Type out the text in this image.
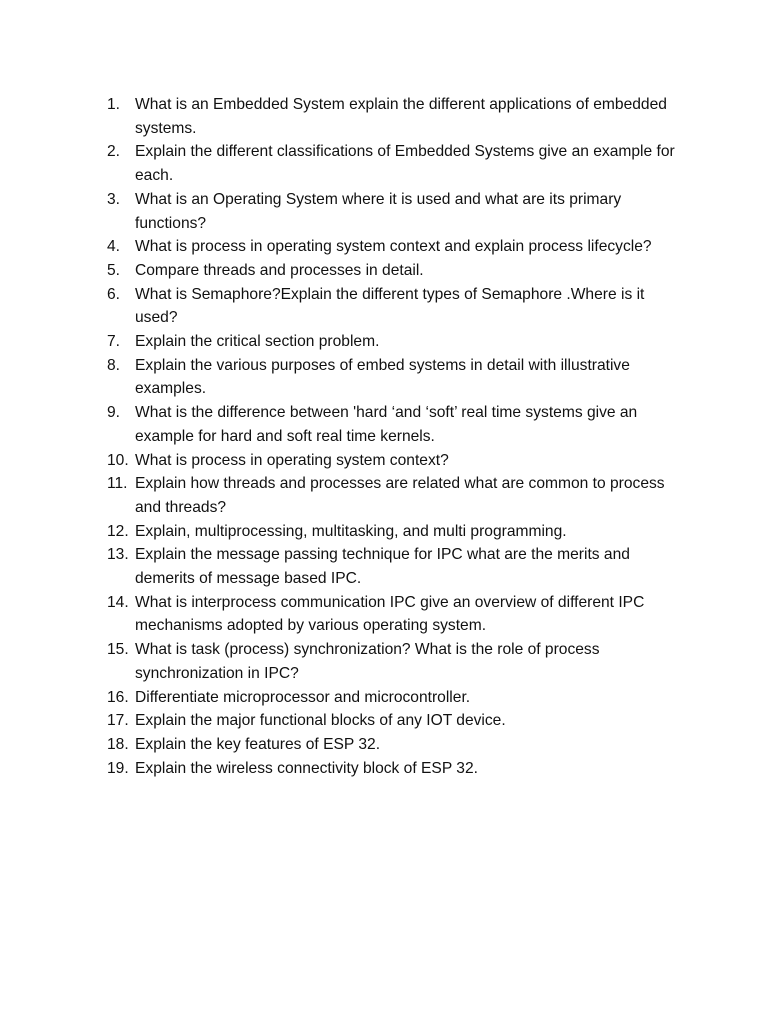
1. What is an Embedded System explain the different applications of embedded systems.
2. Explain the different classifications of Embedded Systems give an example for each.
3. What is an Operating System where it is used and what are its primary functions?
4. What is process in operating system context and explain process lifecycle?
5. Compare threads and processes in detail.
6. What is Semaphore?Explain the different types of Semaphore .Where is it used?
7. Explain the critical section problem.
8. Explain the various purposes of embed systems in detail with illustrative examples.
9. What is the difference between 'hard ‘and ‘soft’ real time systems give an example for hard and soft real time kernels.
10. What is process in operating system context?
11. Explain how threads and processes are related what are common to process and threads?
12. Explain, multiprocessing, multitasking, and multi programming.
13. Explain the message passing technique for IPC what are the merits and demerits of message based IPC.
14. What is interprocess communication IPC give an overview of different IPC mechanisms adopted by various operating system.
15. What is task (process) synchronization? What is the role of process synchronization in IPC?
16. Differentiate microprocessor and microcontroller.
17. Explain the major functional blocks of any IOT device.
18. Explain the key features of ESP 32.
19. Explain the wireless connectivity block of ESP 32.
